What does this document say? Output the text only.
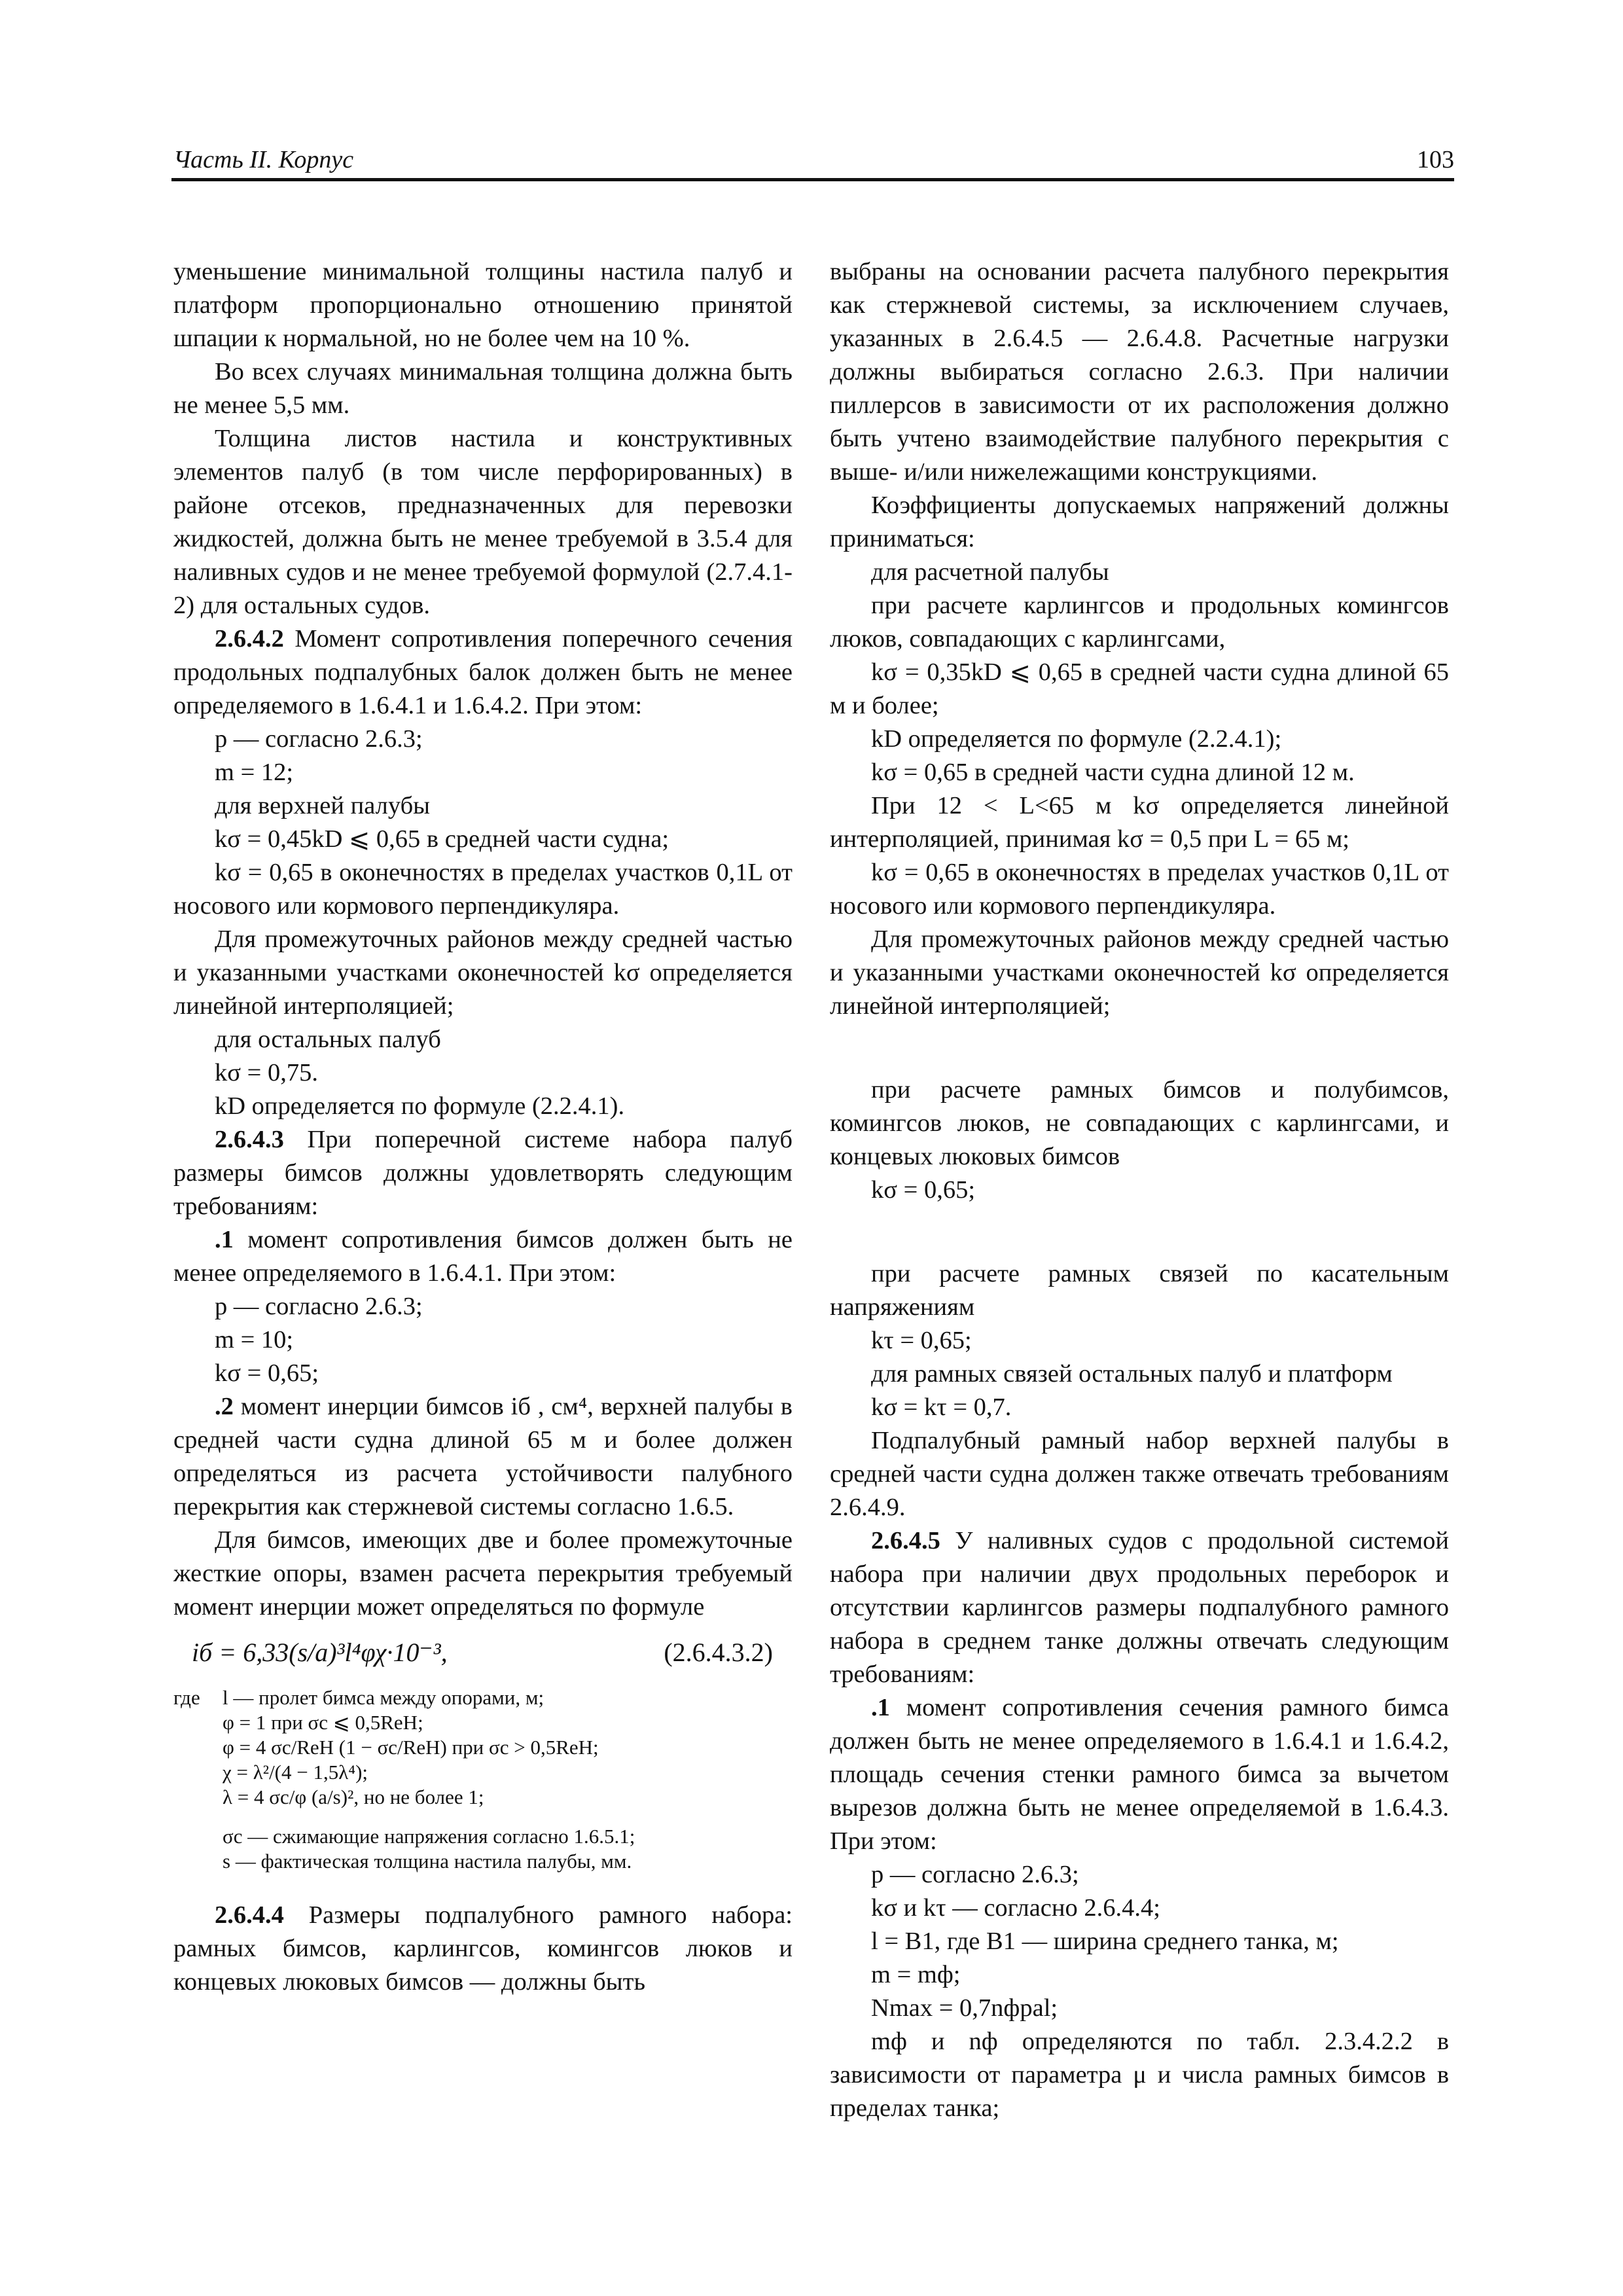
Часть II. Корпус	103

уменьшение минимальной толщины настила палуб и платформ пропорционально отношению принятой шпации к нормальной, но не более чем на 10 %.

Во всех случаях минимальная толщина должна быть не менее 5,5 мм.

Толщина листов настила и конструктивных элементов палуб (в том числе перфорированных) в районе отсеков, предназначенных для перевозки жидкостей, должна быть не менее требуемой в 3.5.4 для наливных судов и не менее требуемой формулой (2.7.4.1-2) для остальных судов.

2.6.4.2 Момент сопротивления поперечного сечения продольных подпалубных балок должен быть не менее определяемого в 1.6.4.1 и 1.6.4.2. При этом:

p — согласно 2.6.3;

m = 12;

для верхней палубы

kσ = 0,45kD ⩽ 0,65 в средней части судна;

kσ = 0,65 в оконечностях в пределах участков 0,1L от носового или кормового перпендикуляра.

Для промежуточных районов между средней частью и указанными участками оконечностей kσ определяется линейной интерполяцией;

для остальных палуб

kσ = 0,75.

kD определяется по формуле (2.2.4.1).

2.6.4.3 При поперечной системе набора палуб размеры бимсов должны удовлетворять следующим требованиям:

.1 момент сопротивления бимсов должен быть не менее определяемого в 1.6.4.1. При этом:

p — согласно 2.6.3;

m = 10;

kσ = 0,65;

.2 момент инерции бимсов iб , см⁴, верхней палубы в средней части судна длиной 65 м и более должен определяться из расчета устойчивости палубного перекрытия как стержневой системы согласно 1.6.5.

Для бимсов, имеющих две и более промежуточные жесткие опоры, взамен расчета перекрытия требуемый момент инерции может определяться по формуле

iб = 6,33(s/a)³l⁴φχ·10⁻³,	(2.6.4.3.2)
где l — пролет бимса между опорами, м;
φ = 1 при σc ⩽ 0,5ReH;
φ = 4 σc/ReH (1 − σc/ReH) при σc > 0,5ReH;
χ = λ²/(4 − 1,5λ⁴);
λ = 4 σc/φ (a/s)², но не более 1;
σc — сжимающие напряжения согласно 1.6.5.1;
s — фактическая толщина настила палубы, мм.

2.6.4.4 Размеры подпалубного рамного набора: рамных бимсов, карлингсов, комингсов люков и концевых люковых бимсов — должны быть

выбраны на основании расчета палубного перекрытия как стержневой системы, за исключением случаев, указанных в 2.6.4.5 — 2.6.4.8. Расчетные нагрузки должны выбираться согласно 2.6.3. При наличии пиллерсов в зависимости от их расположения должно быть учтено взаимодействие палубного перекрытия с выше- и/или нижележащими конструкциями.

Коэффициенты допускаемых напряжений должны приниматься:

для расчетной палубы

при расчете карлингсов и продольных комингсов люков, совпадающих с карлингсами,

kσ = 0,35kD ⩽ 0,65 в средней части судна длиной 65 м и более;

kD определяется по формуле (2.2.4.1);

kσ = 0,65 в средней части судна длиной 12 м.

При 12 < L<65 м kσ определяется линейной интерполяцией, принимая kσ = 0,5 при L = 65 м;

kσ = 0,65 в оконечностях в пределах участков 0,1L от носового или кормового перпендикуляра.

Для промежуточных районов между средней частью и указанными участками оконечностей kσ определяется линейной интерполяцией;

при расчете рамных бимсов и полубимсов, комингсов люков, не совпадающих с карлингсами, и концевых люковых бимсов

kσ = 0,65;

при расчете рамных связей по касательным напряжениям

kτ = 0,65;

для рамных связей остальных палуб и платформ

kσ = kτ = 0,7.

Подпалубный рамный набор верхней палубы в средней части судна должен также отвечать требованиям 2.6.4.9.

2.6.4.5 У наливных судов с продольной системой набора при наличии двух продольных переборок и отсутствии карлингсов размеры подпалубного рамного набора в среднем танке должны отвечать следующим требованиям:

.1 момент сопротивления сечения рамного бимса должен быть не менее определяемого в 1.6.4.1 и 1.6.4.2, площадь сечения стенки рамного бимса за вычетом вырезов должна быть не менее определяемой в 1.6.4.3. При этом:

p — согласно 2.6.3;

kσ и kτ — согласно 2.6.4.4;

l = B1, где B1 — ширина среднего танка, м;

m = mф;

Nmax = 0,7nфpal;

mф и nф определяются по табл. 2.3.4.2.2 в зависимости от параметра μ и числа рамных бимсов в пределах танка;
